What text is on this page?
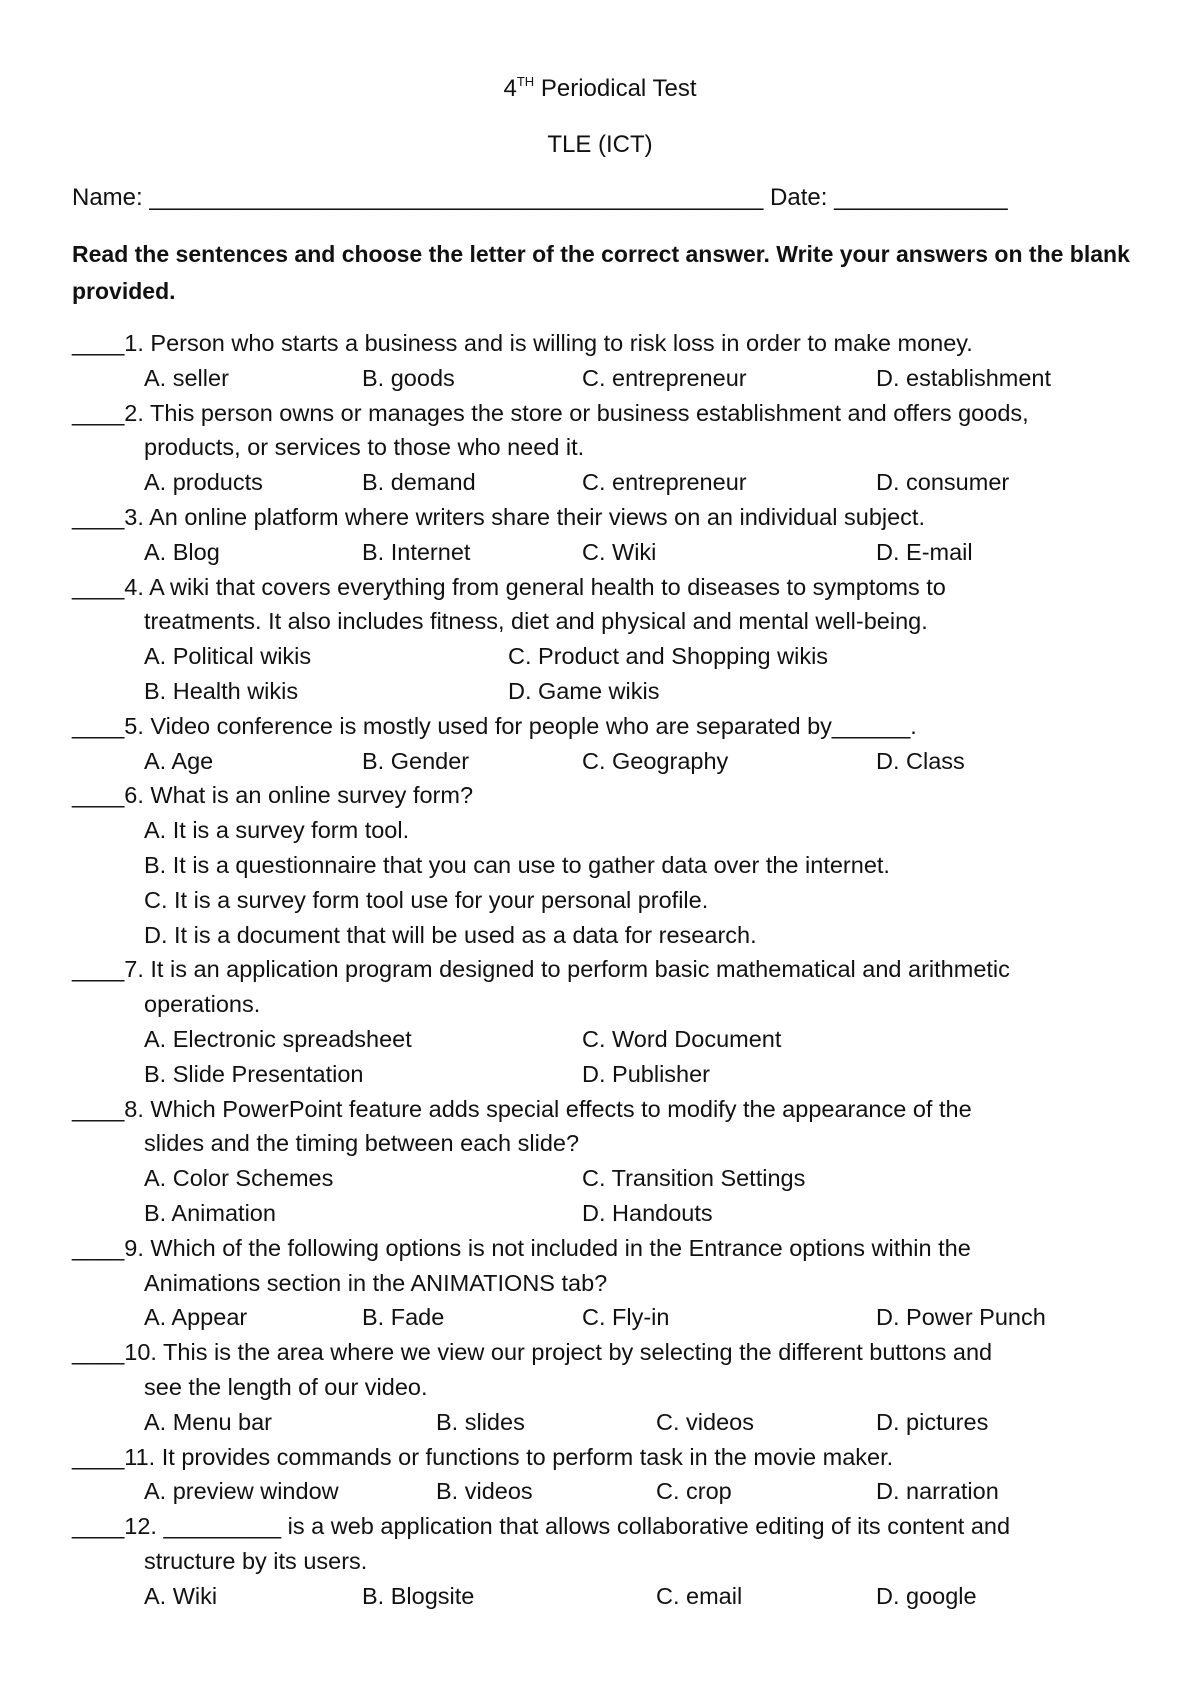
4TH Periodical Test
TLE (ICT)
Name: ______________________________________________ Date: _____________
Read the sentences and choose the letter of the correct answer. Write your answers on the blank provided.
____1. Person who starts a business and is willing to risk loss in order to make money.
A. seller	B. goods	C. entrepreneur	D. establishment
____2. This person owns or manages the store or business establishment and offers goods,
products, or services to those who need it.
A. products	B. demand	C. entrepreneur	D. consumer
____3. An online platform where writers share their views on an individual subject.
A. Blog	B. Internet	C. Wiki	D. E-mail
____4. A wiki that covers everything from general health to diseases to symptoms to
treatments. It also includes fitness, diet and physical and mental well-being.
A. Political wikis	C. Product and Shopping wikis
B. Health wikis	D. Game wikis
____5. Video conference is mostly used for people who are separated by______.
A. Age	B. Gender	C. Geography	D. Class
____6. What is an online survey form?
A. It is a survey form tool.
B. It is a questionnaire that you can use to gather data over the internet.
C. It is a survey form tool use for your personal profile.
D. It is a document that will be used as a data for research.
____7. It is an application program designed to perform basic mathematical and arithmetic
operations.
A. Electronic spreadsheet	C. Word Document
B. Slide Presentation	D. Publisher
____8. Which PowerPoint feature adds special effects to modify the appearance of the
slides and the timing between each slide?
A. Color Schemes	C. Transition Settings
B. Animation	D. Handouts
____9. Which of the following options is not included in the Entrance options within the
Animations section in the ANIMATIONS tab?
A. Appear	B. Fade	C. Fly-in	D. Power Punch
____10. This is the area where we view our project by selecting the different buttons and
see the length of our video.
A. Menu bar	B. slides	C. videos	D. pictures
____11. It provides commands or functions to perform task in the movie maker.
A. preview window	B. videos	C. crop	D. narration
____12. _________ is a web application that allows collaborative editing of its content and
structure by its users.
A. Wiki	B. Blogsite	C. email	D. google
